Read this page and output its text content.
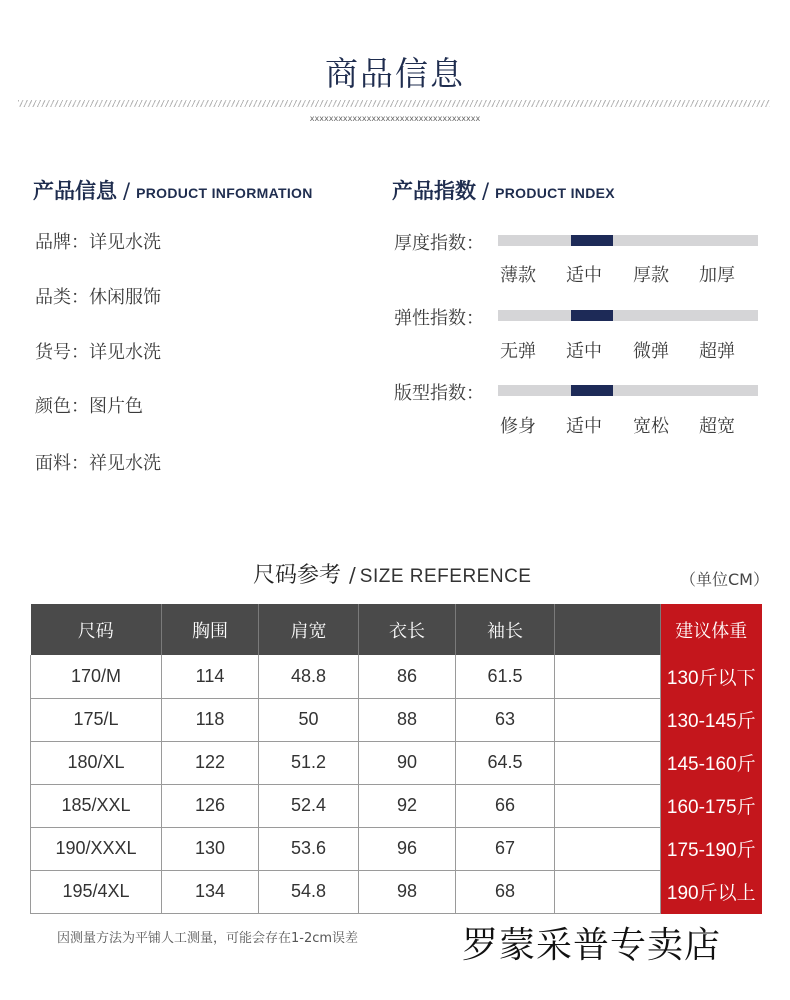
商品信息
xxxxxxxxxxxxxxxxxxxxxxxxxxxxxxxxxxxx
产品信息 / PRODUCT INFORMATION	产品指数 / PRODUCT INDEX
品牌：详见水洗
品类：休闲服饰
货号：详见水洗
颜色：图片色
面料：祥见水洗
厚度指数：
薄款 适中 厚款 加厚
弹性指数：
无弹 适中 微弹 超弹
版型指数：
修身 适中 宽松 超宽
尺码参考 / SIZE REFERENCE	（单位CM）
尺码	胸围	肩宽	衣长	袖长		建议体重
170/M	114	48.8	86	61.5		130斤以下
175/L	118	50	88	63		130-145斤
180/XL	122	51.2	90	64.5		145-160斤
185/XXL	126	52.4	92	66		160-175斤
190/XXXL	130	53.6	96	67		175-190斤
195/4XL	134	54.8	98	68		190斤以上
因测量方法为平铺人工测量，可能会存在1-2cm误差	罗蒙采普专卖店
